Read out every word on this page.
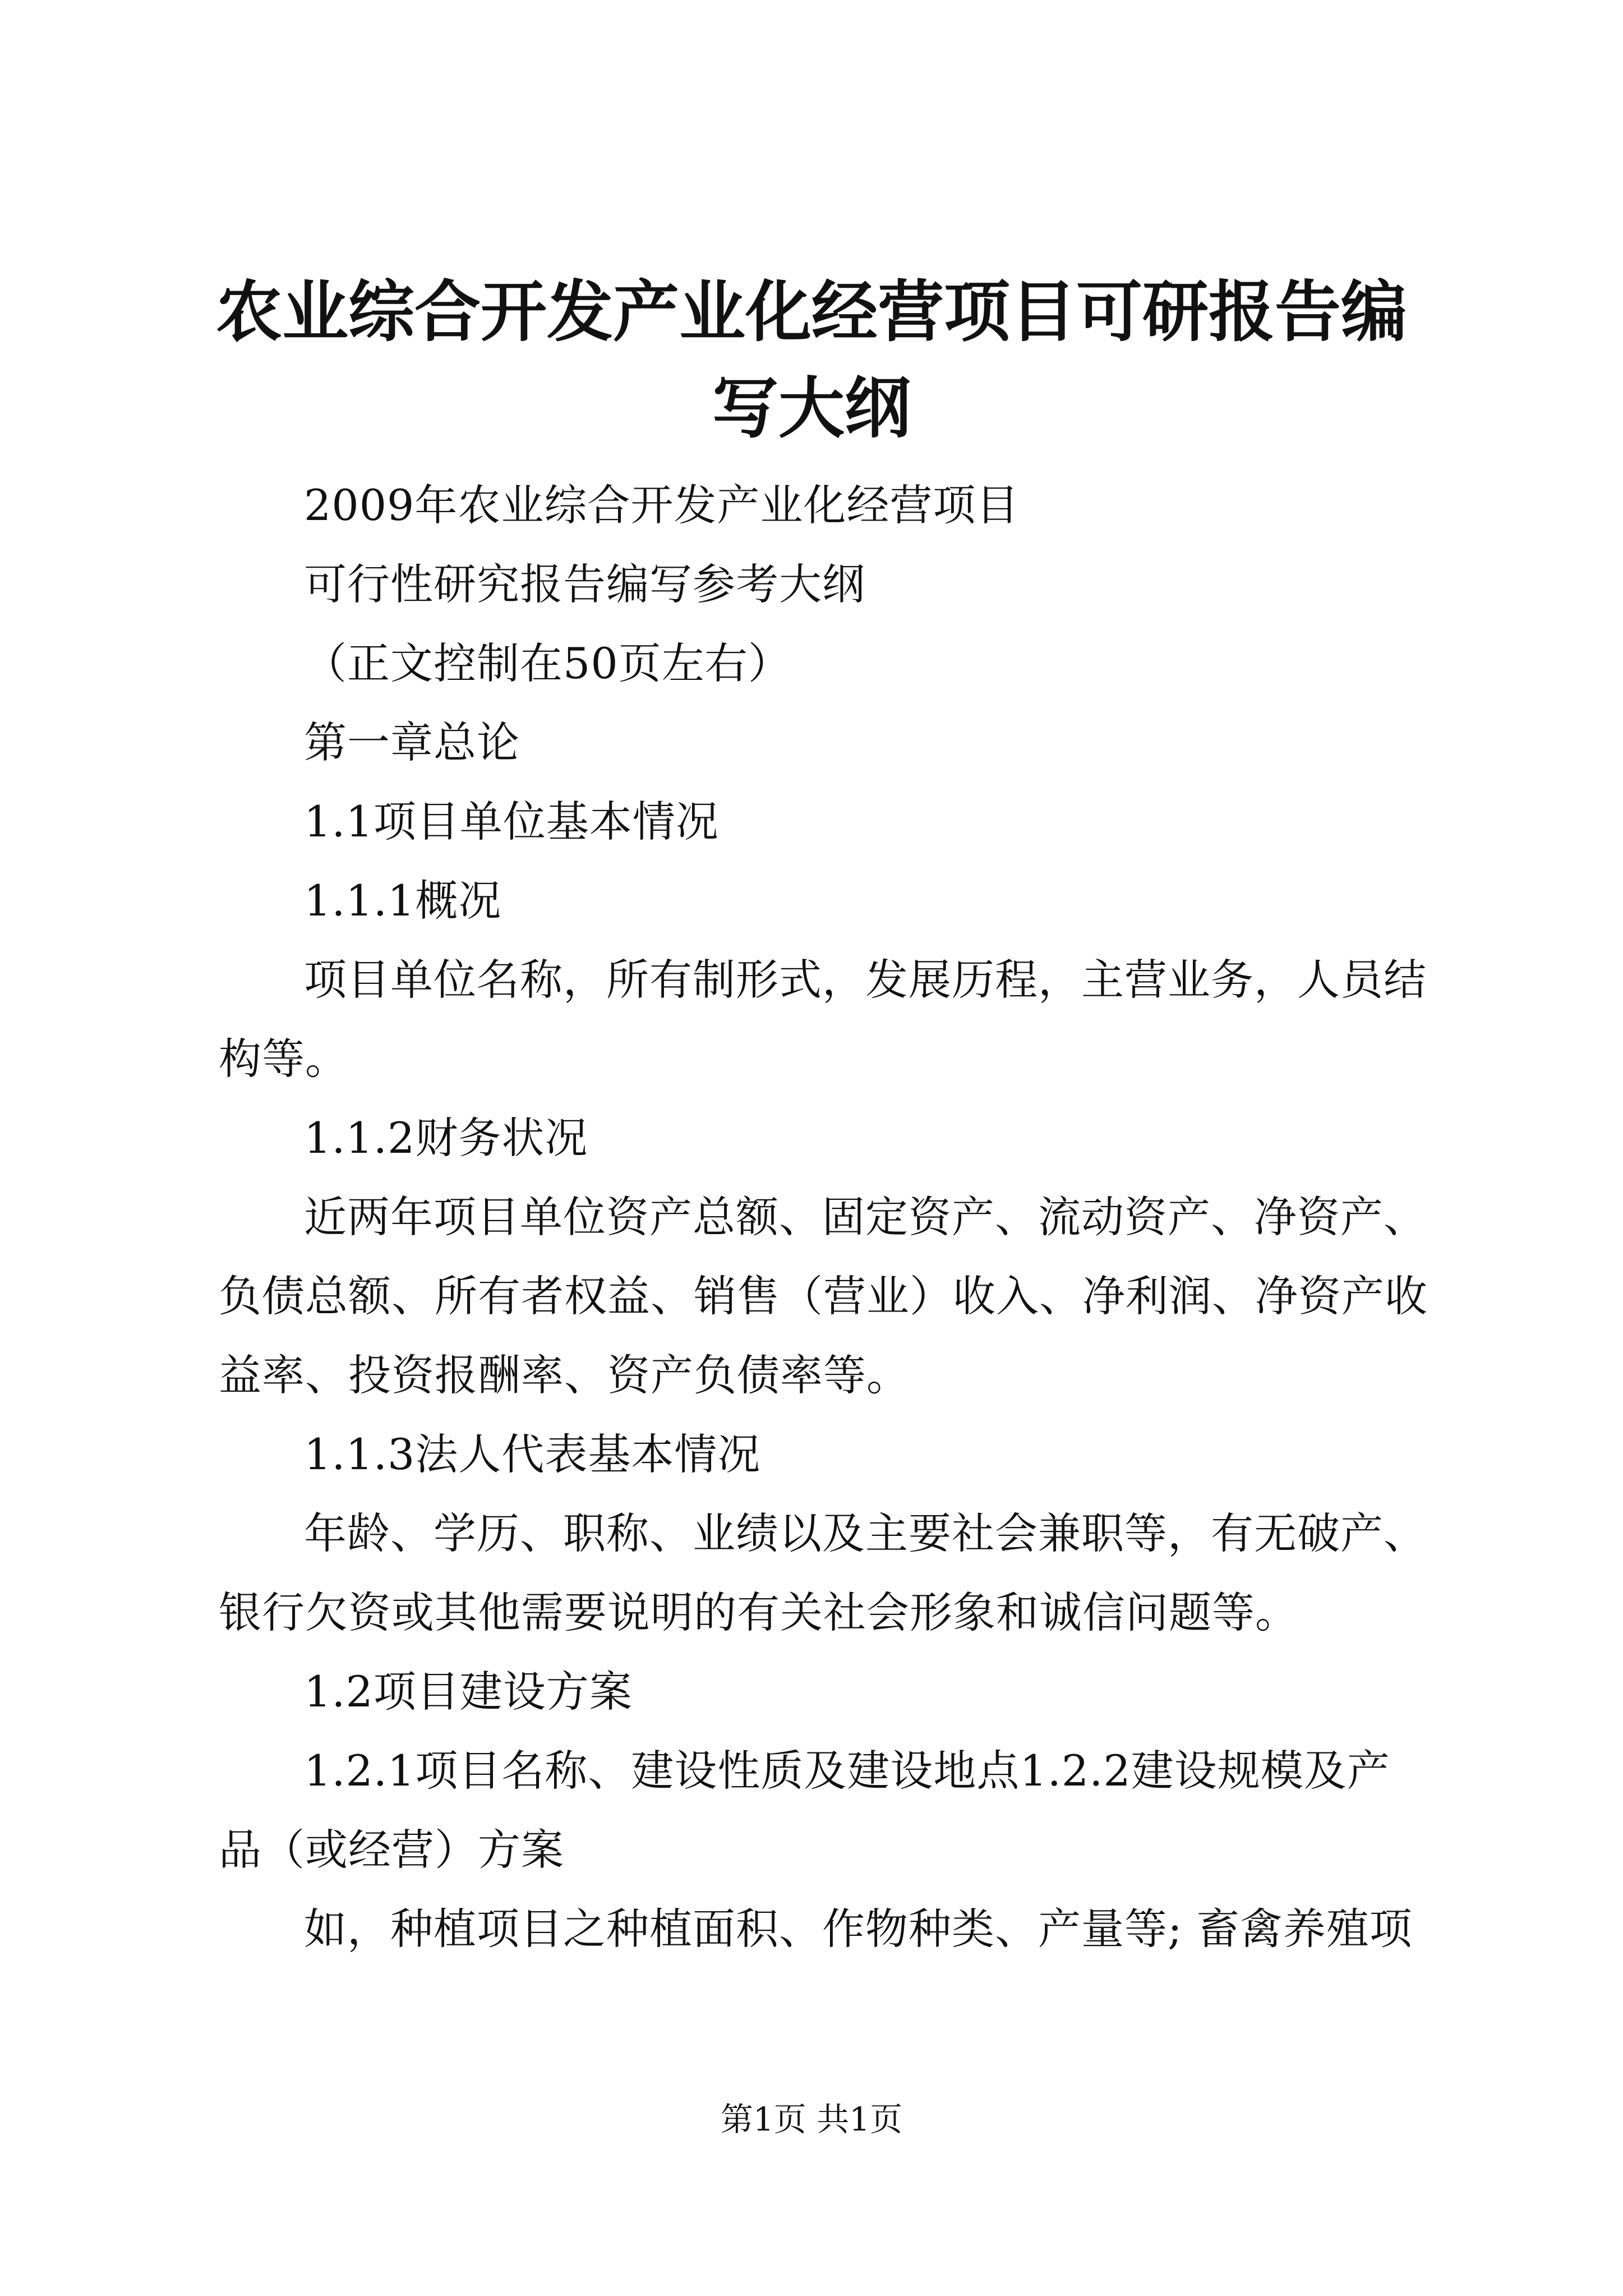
农业综合开发产业化经营项目可研报告编写大纲

2009年农业综合开发产业化经营项目

可行性研究报告编写参考大纲

（正文控制在50页左右）

第一章总论

1.1项目单位基本情况

1.1.1概况

项目单位名称，所有制形式，发展历程，主营业务，人员结构等。

1.1.2财务状况

近两年项目单位资产总额、固定资产、流动资产、净资产、负债总额、所有者权益、销售（营业）收入、净利润、净资产收益率、投资报酬率、资产负债率等。

1.1.3法人代表基本情况

年龄、学历、职称、业绩以及主要社会兼职等，有无破产、银行欠资或其他需要说明的有关社会形象和诚信问题等。

1.2项目建设方案

1.2.1项目名称、建设性质及建设地点1.2.2建设规模及产品（或经营）方案

如，种植项目之种植面积、作物种类、产量等; 畜禽养殖项

第1页 共1页
